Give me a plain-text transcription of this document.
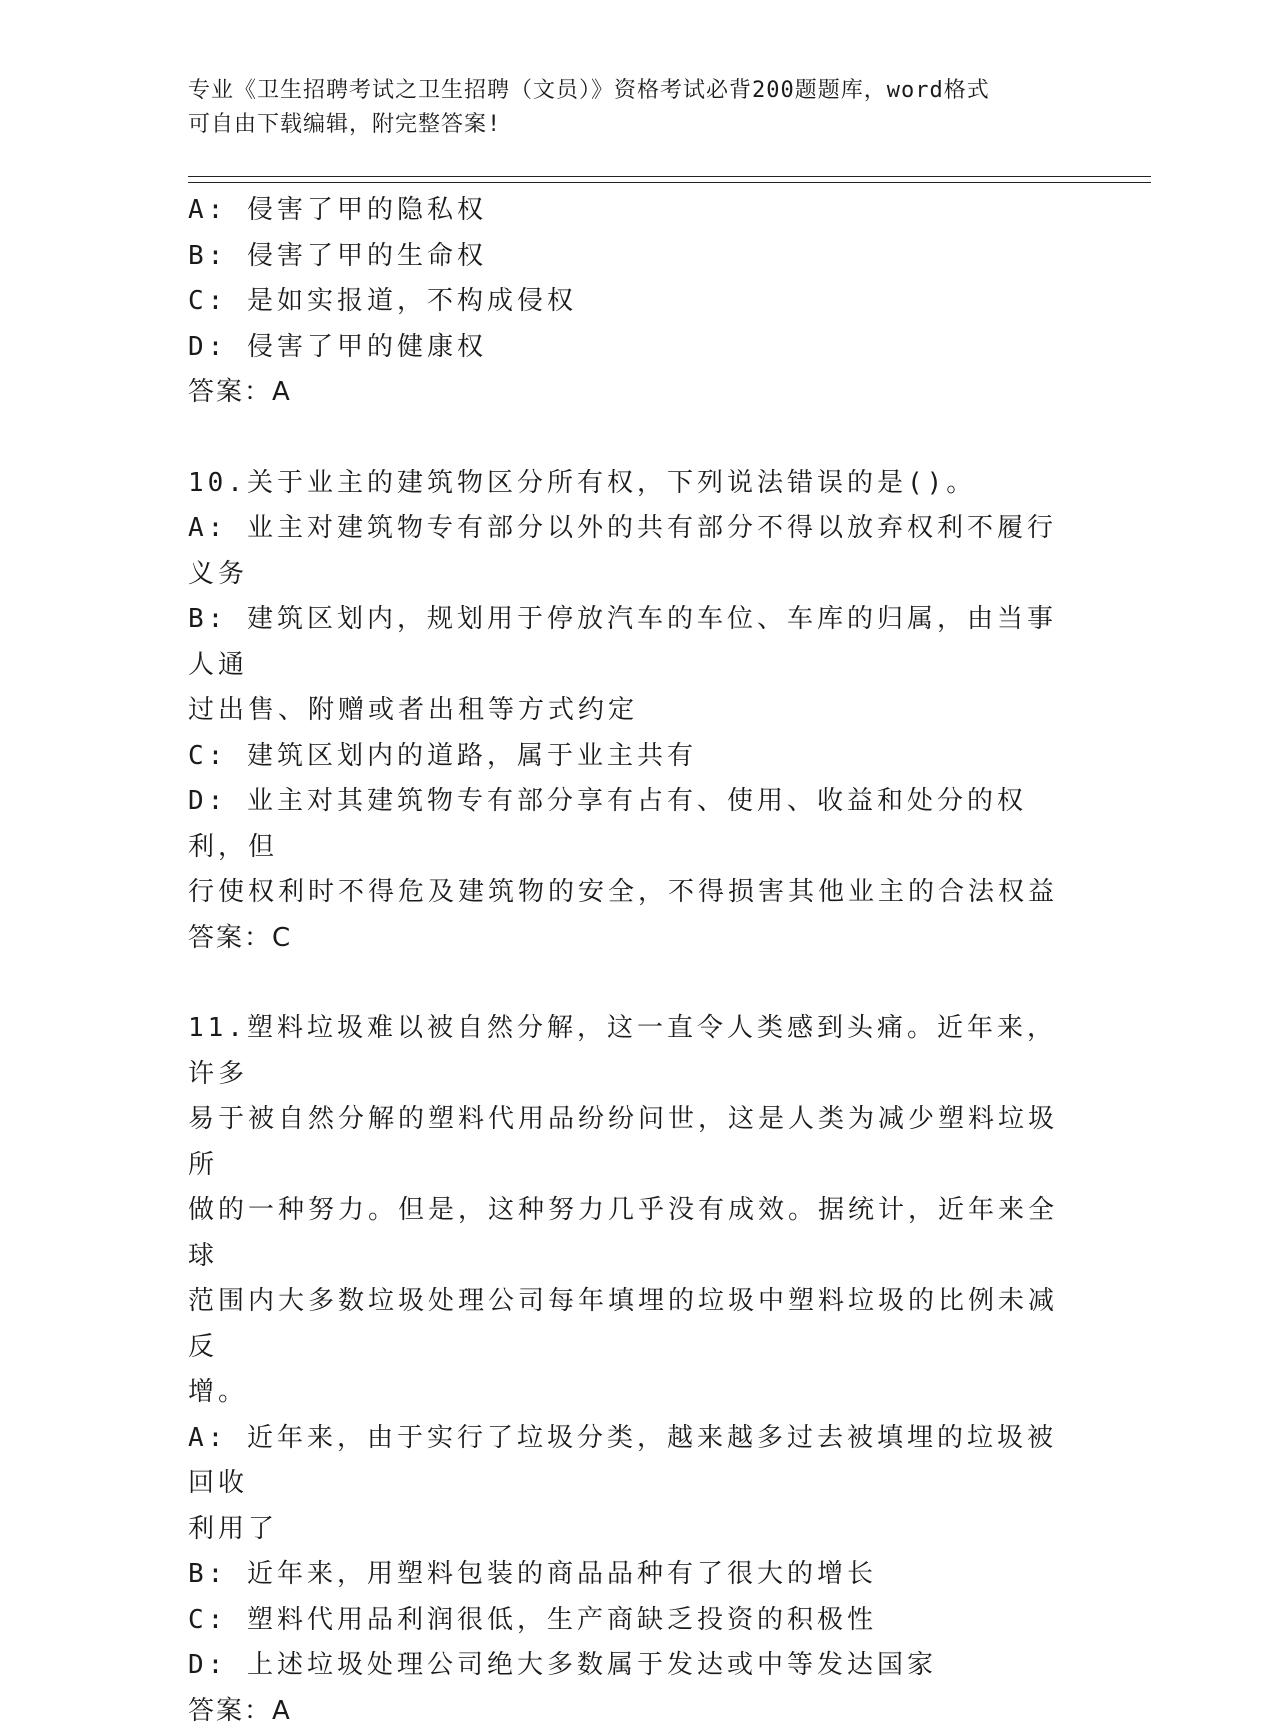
专业《卫生招聘考试之卫生招聘（文员）》资格考试必背200题题库，word格式
可自由下载编辑，附完整答案!

A: 侵害了甲的隐私权

B: 侵害了甲的生命权

C: 是如实报道，不构成侵权

D: 侵害了甲的健康权

答案：A

10.关于业主的建筑物区分所有权，下列说法错误的是()。

A: 业主对建筑物专有部分以外的共有部分不得以放弃权利不履行义务

B: 建筑区划内，规划用于停放汽车的车位、车库的归属，由当事人通

过出售、附赠或者出租等方式约定

C: 建筑区划内的道路，属于业主共有

D: 业主对其建筑物专有部分享有占有、使用、收益和处分的权利，但

行使权利时不得危及建筑物的安全，不得损害其他业主的合法权益

答案：C

11.塑料垃圾难以被自然分解，这一直令人类感到头痛。近年来，许多

易于被自然分解的塑料代用品纷纷问世，这是人类为减少塑料垃圾所

做的一种努力。但是，这种努力几乎没有成效。据统计，近年来全球

范围内大多数垃圾处理公司每年填埋的垃圾中塑料垃圾的比例未减反

增。

A: 近年来，由于实行了垃圾分类，越来越多过去被填埋的垃圾被回收

利用了

B: 近年来，用塑料包装的商品品种有了很大的增长

C: 塑料代用品利润很低，生产商缺乏投资的积极性

D: 上述垃圾处理公司绝大多数属于发达或中等发达国家

答案：A
